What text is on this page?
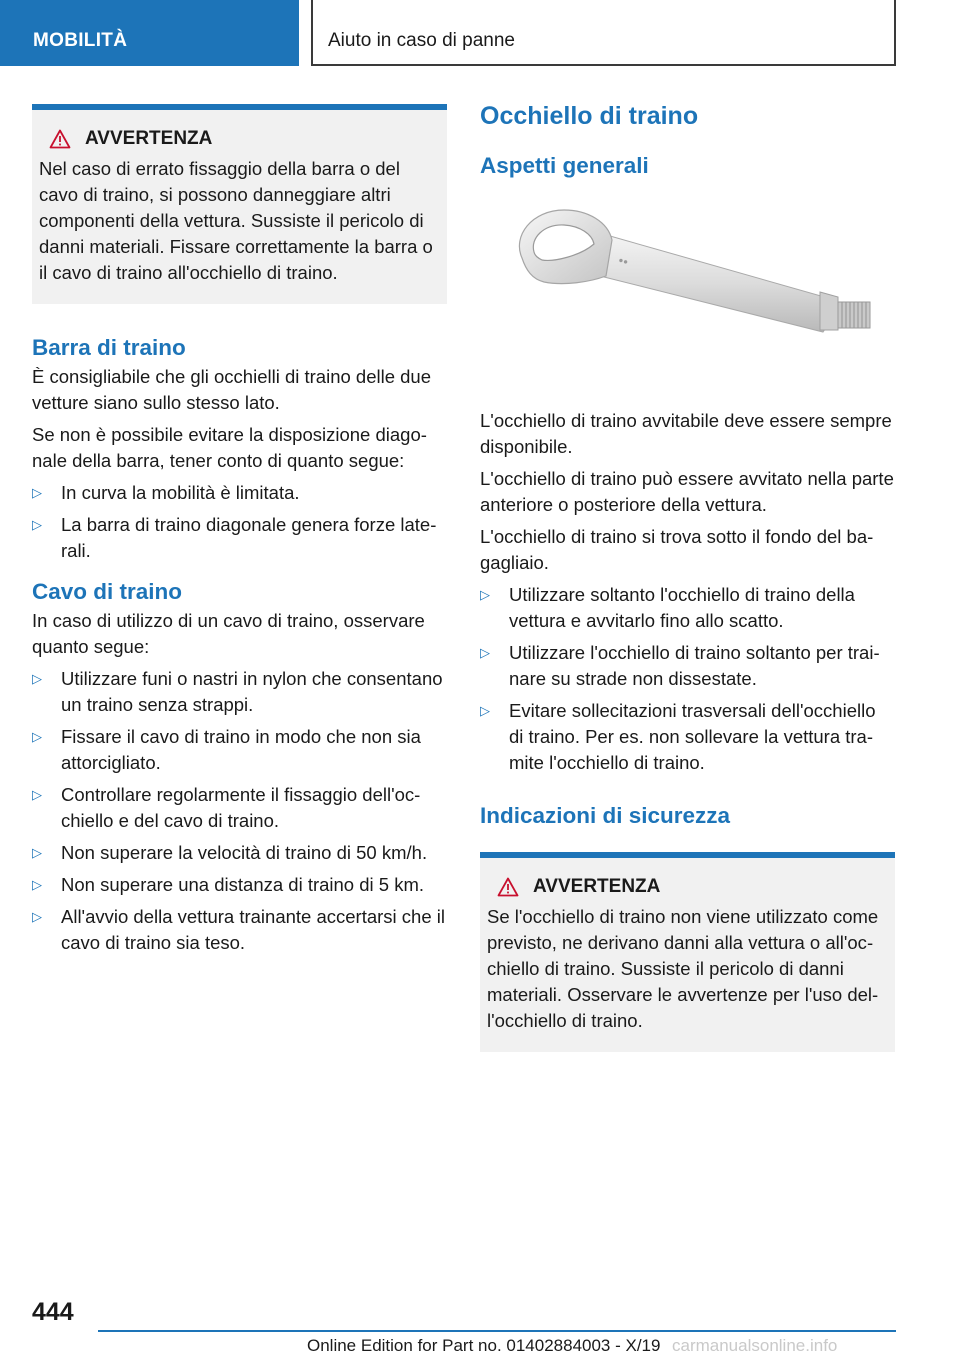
MOBILITÀ	Aiuto in caso di panne
AVVERTENZA
Nel caso di errato fissaggio della barra o del cavo di traino, si possono danneggiare altri componenti della vettura. Sussiste il pericolo di danni materiali. Fissare correttamente la barra o il cavo di traino all'occhiello di traino.
Barra di traino

È consigliabile che gli occhielli di traino delle due vetture siano sullo stesso lato.

Se non è possibile evitare la disposizione diagonale della barra, tener conto di quanto segue:

▷ In curva la mobilità è limitata.
▷ La barra di traino diagonale genera forze laterali.
Cavo di traino

In caso di utilizzo di un cavo di traino, osservare quanto segue:

▷ Utilizzare funi o nastri in nylon che consentano un traino senza strappi.
▷ Fissare il cavo di traino in modo che non sia attorcigliato.
▷ Controllare regolarmente il fissaggio dell'occhiello e del cavo di traino.
▷ Non superare la velocità di traino di 50 km/h.
▷ Non superare una distanza di traino di 5 km.
▷ All'avvio della vettura trainante accertarsi che il cavo di traino sia teso.
Occhiello di traino
Aspetti generali
●●

L'occhiello di traino avvitabile deve essere sempre disponibile.

L'occhiello di traino può essere avvitato nella parte anteriore o posteriore della vettura.

L'occhiello di traino si trova sotto il fondo del bagagliaio.

▷ Utilizzare soltanto l'occhiello di traino della vettura e avvitarlo fino allo scatto.
▷ Utilizzare l'occhiello di traino soltanto per trainare su strade non dissestate.
▷ Evitare sollecitazioni trasversali dell'occhiello di traino. Per es. non sollevare la vettura tramite l'occhiello di traino.
Indicazioni di sicurezza
AVVERTENZA
Se l'occhiello di traino non viene utilizzato come previsto, ne derivano danni alla vettura o all'occhiello di traino. Sussiste il pericolo di danni materiali. Osservare le avvertenze per l'uso dell'occhiello di traino.
444
Online Edition for Part no. 01402884003 - X/19 carmanualsonline.info
